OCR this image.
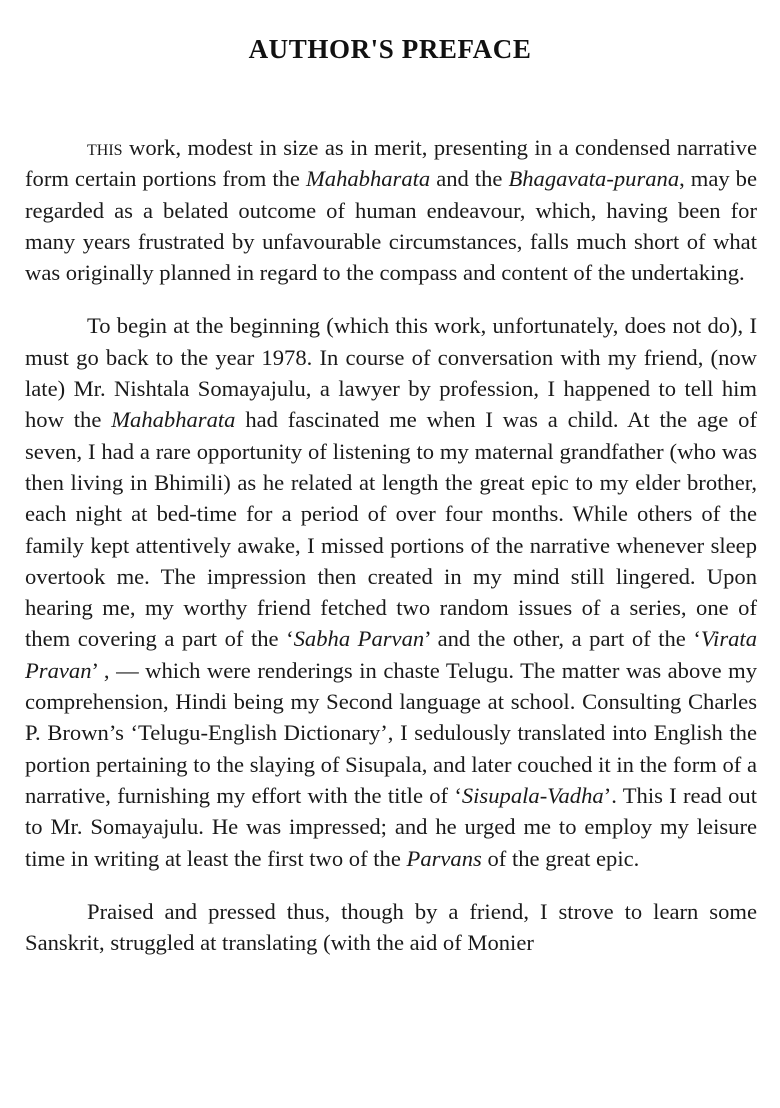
AUTHOR'S PREFACE

this work, modest in size as in merit, presenting in a condensed narrative form certain portions from the Mahabharata and the Bhagavata-purana, may be regarded as a belated outcome of human endeavour, which, having been for many years frustrated by unfavourable circumstances, falls much short of what was originally planned in regard to the compass and content of the undertaking.

To begin at the beginning (which this work, unfortunately, does not do), I must go back to the year 1978. In course of conversation with my friend, (now late) Mr. Nishtala Somayajulu, a lawyer by profession, I happened to tell him how the Mahabharata had fascinated me when I was a child. At the age of seven, I had a rare opportunity of listening to my maternal grandfather (who was then living in Bhimili) as he related at length the great epic to my elder brother, each night at bed-time for a period of over four months. While others of the family kept attentively awake, I missed portions of the narrative whenever sleep overtook me. The impression then created in my mind still lingered. Upon hearing me, my worthy friend fetched two random issues of a series, one of them covering a part of the ‘Sabha Parvan’ and the other, a part of the ‘Virata Pravan’ , — which were renderings in chaste Telugu. The matter was above my comprehension, Hindi being my Second language at school. Consulting Charles P. Brown’s ‘Telugu-English Dictionary’, I sedulously translated into English the portion pertaining to the slaying of Sisupala, and later couched it in the form of a narrative, furnishing my effort with the title of ‘Sisupala-Vadha’. This I read out to Mr. Somayajulu. He was impressed; and he urged me to employ my leisure time in writing at least the first two of the Parvans of the great epic.

Praised and pressed thus, though by a friend, I strove to learn some Sanskrit, struggled at translating (with the aid of Monier
